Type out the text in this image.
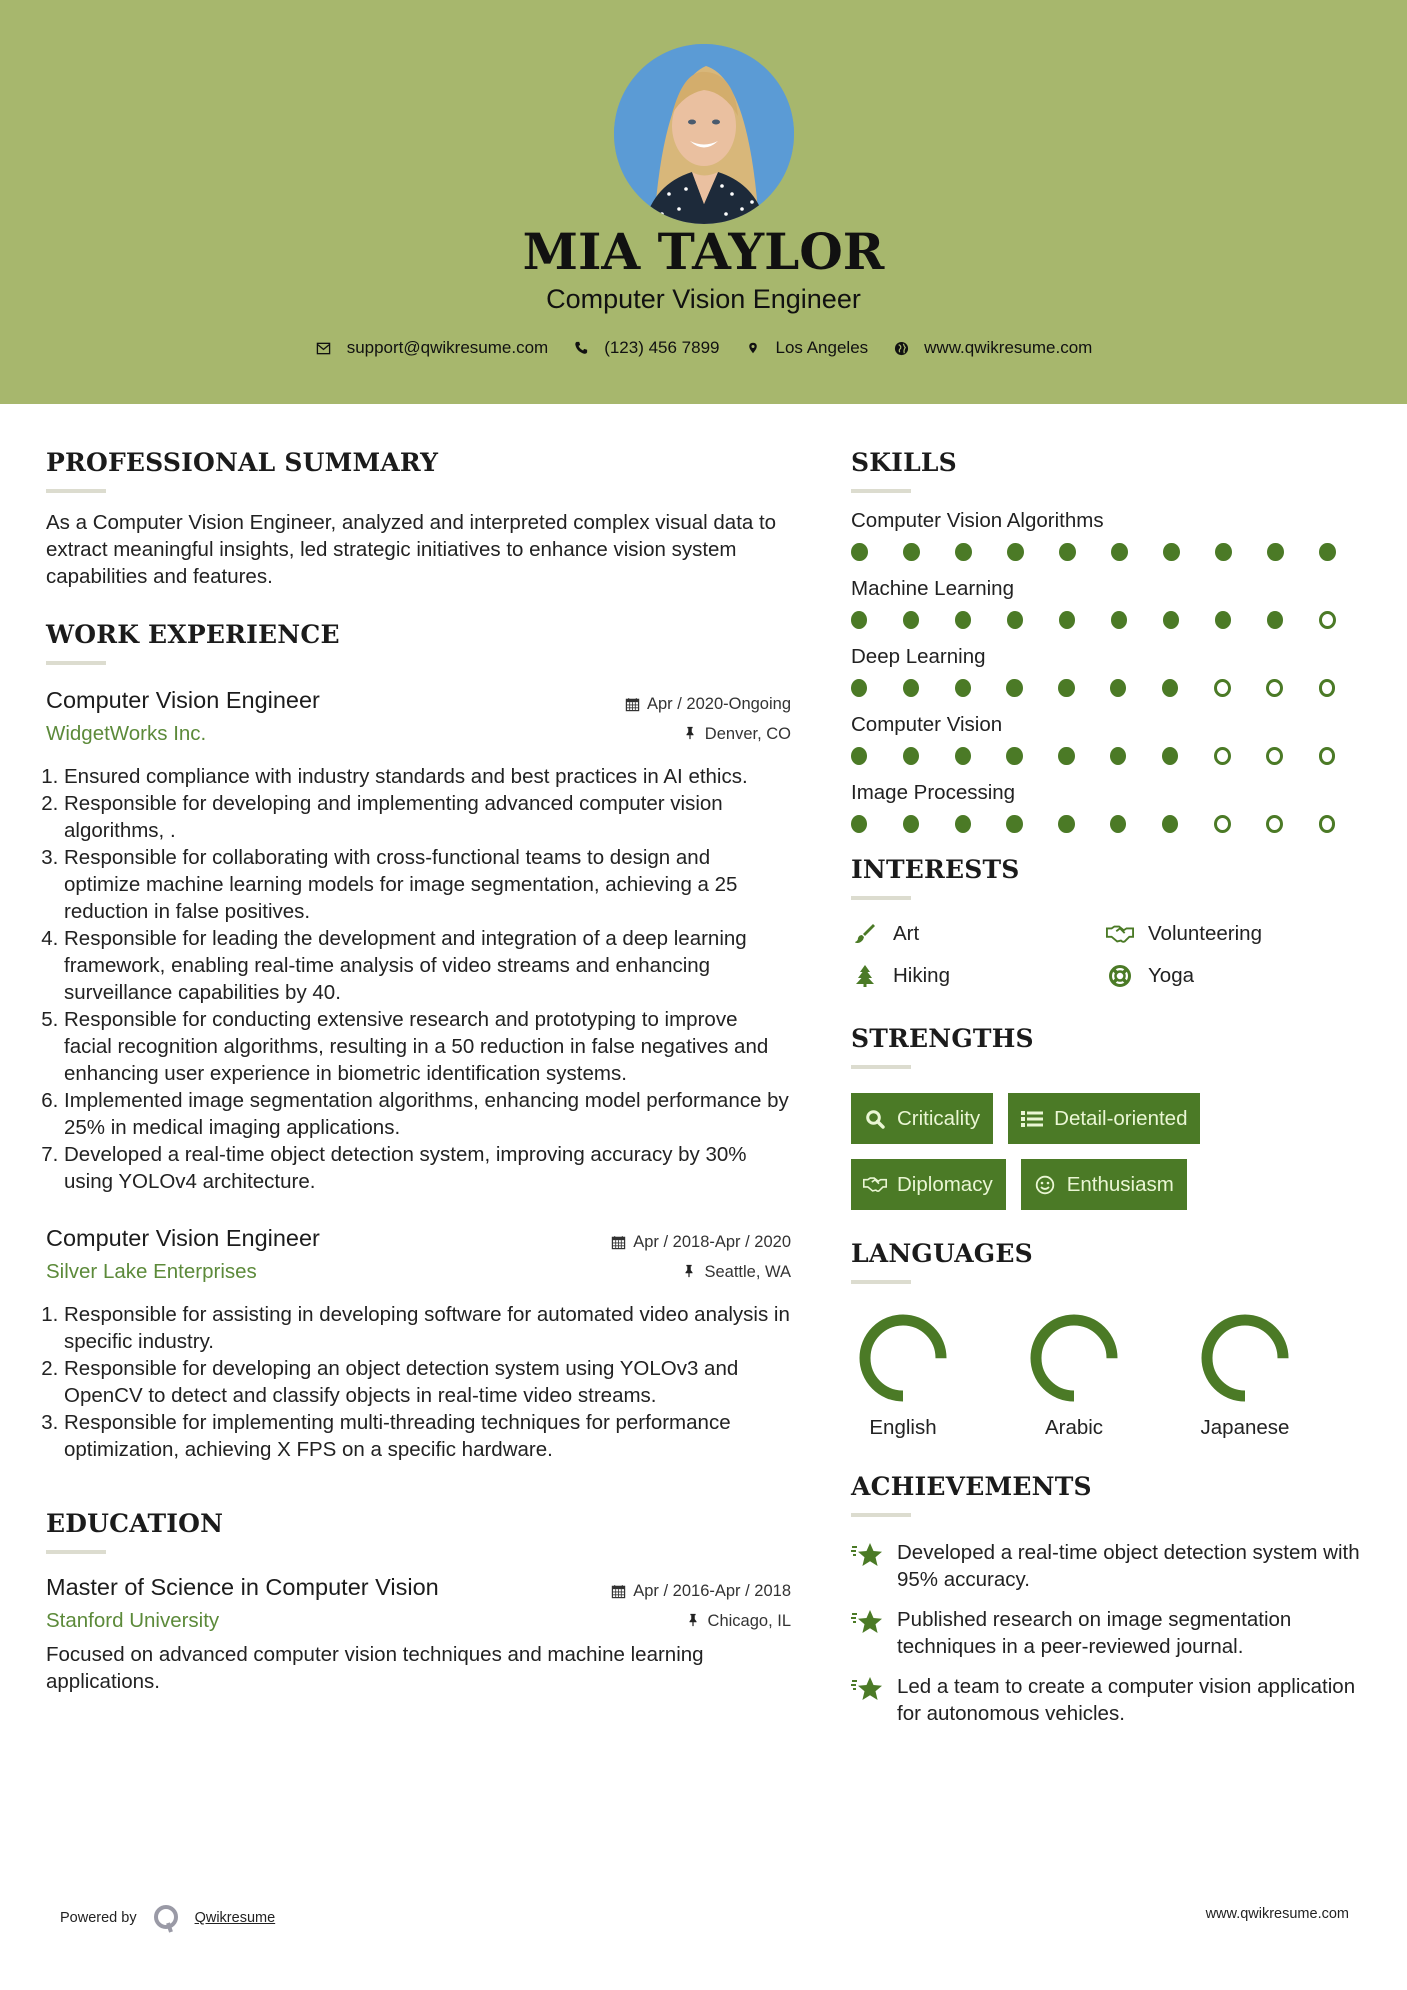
MIA TAYLOR
Computer Vision Engineer
support@qwikresume.com	(123) 456 7899	Los Angeles	www.qwikresume.com
PROFESSIONAL SUMMARY

As a Computer Vision Engineer, analyzed and interpreted complex visual data to extract meaningful insights, led strategic initiatives to enhance vision system capabilities and features.

WORK EXPERIENCE
Computer Vision Engineer	Apr / 2020-Ongoing
WidgetWorks Inc.	Denver, CO
1. Ensured compliance with industry standards and best practices in AI ethics.
2. Responsible for developing and implementing advanced computer vision algorithms, .
3. Responsible for collaborating with cross-functional teams to design and optimize machine learning models for image segmentation, achieving a 25 reduction in false positives.
4. Responsible for leading the development and integration of a deep learning framework, enabling real-time analysis of video streams and enhancing surveillance capabilities by 40.
5. Responsible for conducting extensive research and prototyping to improve facial recognition algorithms, resulting in a 50 reduction in false negatives and enhancing user experience in biometric identification systems.
6. Implemented image segmentation algorithms, enhancing model performance by 25% in medical imaging applications.
7. Developed a real-time object detection system, improving accuracy by 30% using YOLOv4 architecture.
Computer Vision Engineer	Apr / 2018-Apr / 2020
Silver Lake Enterprises	Seattle, WA
1. Responsible for assisting in developing software for automated video analysis in specific industry.
2. Responsible for developing an object detection system using YOLOv3 and OpenCV to detect and classify objects in real-time video streams.
3. Responsible for implementing multi-threading techniques for performance optimization, achieving X FPS on a specific hardware.
EDUCATION
Master of Science in Computer Vision	Apr / 2016-Apr / 2018
Stanford University	Chicago, IL

Focused on advanced computer vision techniques and machine learning applications.

SKILLS
Computer Vision Algorithms
Machine Learning
Deep Learning
Computer Vision
Image Processing
INTERESTS
Art	Volunteering
Hiking	Yoga
STRENGTHS
Criticality	Detail-oriented
Diplomacy	Enthusiasm
LANGUAGES
English	Arabic	Japanese
ACHIEVEMENTS
Developed a real-time object detection system with 95% accuracy.
Published research on image segmentation techniques in a peer-reviewed journal.
Led a team to create a computer vision application for autonomous vehicles.
Powered by	Qwikresume	www.qwikresume.com
